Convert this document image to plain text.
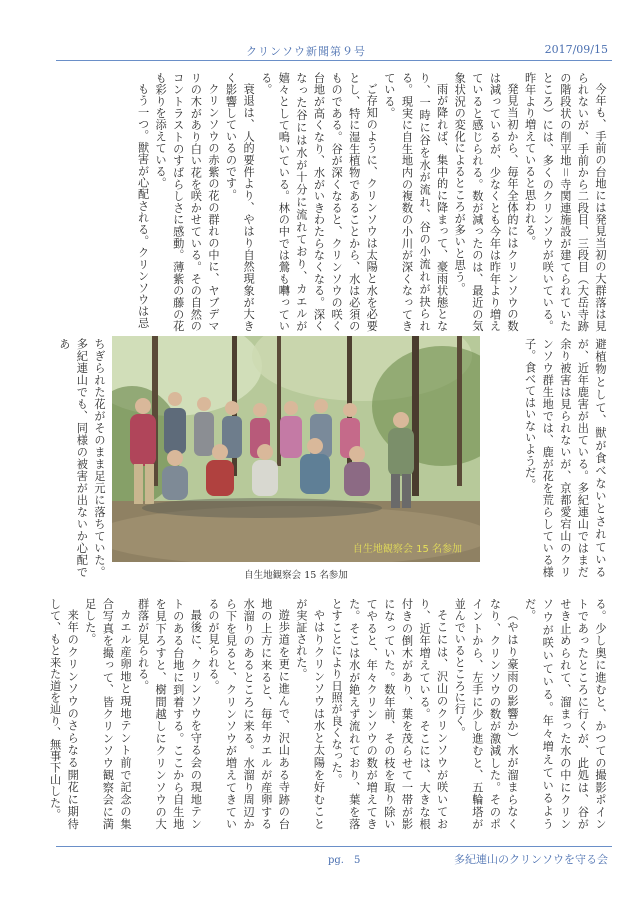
クリンソウ新聞第９号	2017/09/15

今年も、手前の台地には発見当初の大群落は見られないが、手前から二段目、三段目（大岳寺跡の階段状の削平地＝寺関連施設が建てられていたところ）には、多くのクリンソウが咲いている。昨年より増えていると思われる。

発見当初から、毎年全体的にはクリンソウの数は減っているが、少なくとも今年は昨年より増えていると感じられる。数が減ったのは、最近の気象状況の変化によるところが多いと思う。

雨が降れば、集中的に降まって、豪雨状態となり、一時に谷を水が流れ、谷の小流れが抉られる。現実に自生地内の複数の小川が深くなってきている。

ご存知のように、クリンソウは太陽と水を必要とし、特に湿生植物であることから、水は必須のものである。谷が深くなると、クリンソウの咲く台地が高くなり、水がいきわたらなくなる。深くなった谷には水が十分に流れており、カエルが嬉々として鳴いている。林の中では鶯も囀っている。

衰退は、人的要件より、やはり自然現象が大きく影響しているのです。

クリンソウの赤紫の花の群れの中に、ヤブデマリの木があり白い花を咲かせている。その自然のコントラストのすばらしさに感動。薄紫の藤の花も彩りを添えている。

もう一つ。獣害が心配される。クリンソウは忌

避植物として、獣が食べないとされているが、近年鹿害が出ている。多紀連山ではまだ余り被害は見られないが、京都愛宕山のクリンソウ群生地では、鹿が花を荒らしている様子。食べてはいないようだ。

自生地観察会 15 名参加

ちぎられた花がそのまま足元に落ちていた。多紀連山でも、同様の被害が出ないか心配であ

自生地観察会 15 名参加

る。少し奥に進むと、かつての撮影ポイントであったところに行くが、此処は、谷がせき止められて、溜まった水の中にクリンソウが咲いている。年々増えているようだ。

（やはり豪雨の影響か）水が溜まらなくなり、クリンソウの数が激減した。そのポイントから、左手に少し進むと、五輪塔が並んでいるところに行く。

そこには、沢山のクリンソウが咲いており、近年増えている。そこには、大きな根付きの倒木があり、葉を茂らせて一帯が影になっていた。数年前、その枝を取り除いてやると、年々クリンソウの数が増えてきた。そこは水が絶えず流れており、葉を落とすことにより日照が良くなった。

やはりクリンソウは水と太陽を好むことが実証された。

遊歩道を更に進んで、沢山ある寺跡の台地の上方に来ると、毎年カエルが産卵する水溜りのあるところに来る。水溜り周辺から下を見ると、クリンソウが増えてきているのが見られる。

最後に、クリンソウを守る会の現地テントのある台地に到着する。ここから自生地を見下ろすと、樹間越しにクリンソウの大群落が見られる。

カエル産卵地と現地テント前で記念の集合写真を撮って、皆クリンソウ観察会に満足した。

来年のクリンソウのさらなる開花に期待して、もと来た道を辿り、無事下山した。

pg.　5	多紀連山のクリンソウを守る会
